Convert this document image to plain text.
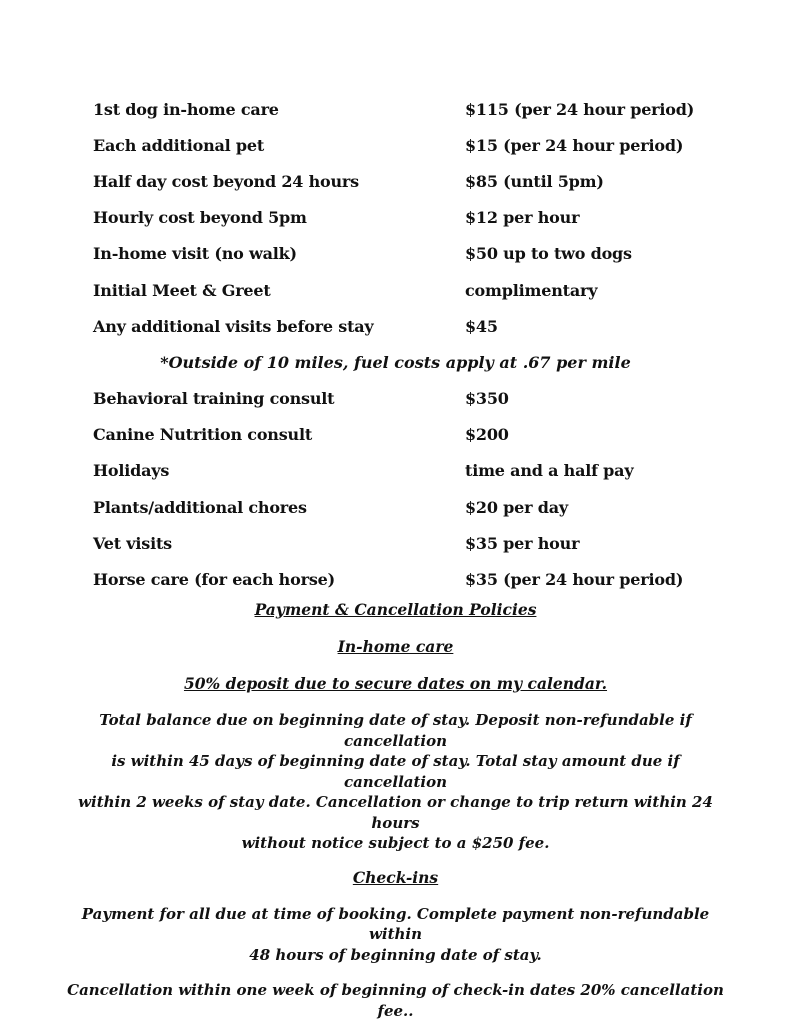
1st dog in-home care	$115 (per 24 hour period)
Each additional pet	$15 (per 24 hour period)
Half day cost beyond 24 hours	$85 (until 5pm)
Hourly cost beyond 5pm	$12 per hour
In-home visit (no walk)	$50 up to two dogs
Initial Meet & Greet	complimentary
Any additional visits before stay	$45
*Outside of 10 miles, fuel costs apply at .67 per mile
Behavioral training consult	$350
Canine Nutrition consult	$200
Holidays	time and a half pay
Plants/additional chores	$20 per day
Vet visits	$35 per hour
Horse care (for each horse)	$35 (per 24 hour period)

Payment & Cancellation Policies

In-home care

50% deposit due to secure dates on my calendar.

Total balance due on beginning date of stay. Deposit non-refundable if cancellation

is within 45 days of beginning date of stay. Total stay amount due if cancellation

within 2 weeks of stay date. Cancellation or change to trip return within 24 hours

without notice subject to a $250 fee.

Check-ins

Payment for all due at time of booking. Complete payment non-refundable within

48 hours of beginning date of stay.

Cancellation within one week of beginning of check-in dates 20% cancellation fee..
